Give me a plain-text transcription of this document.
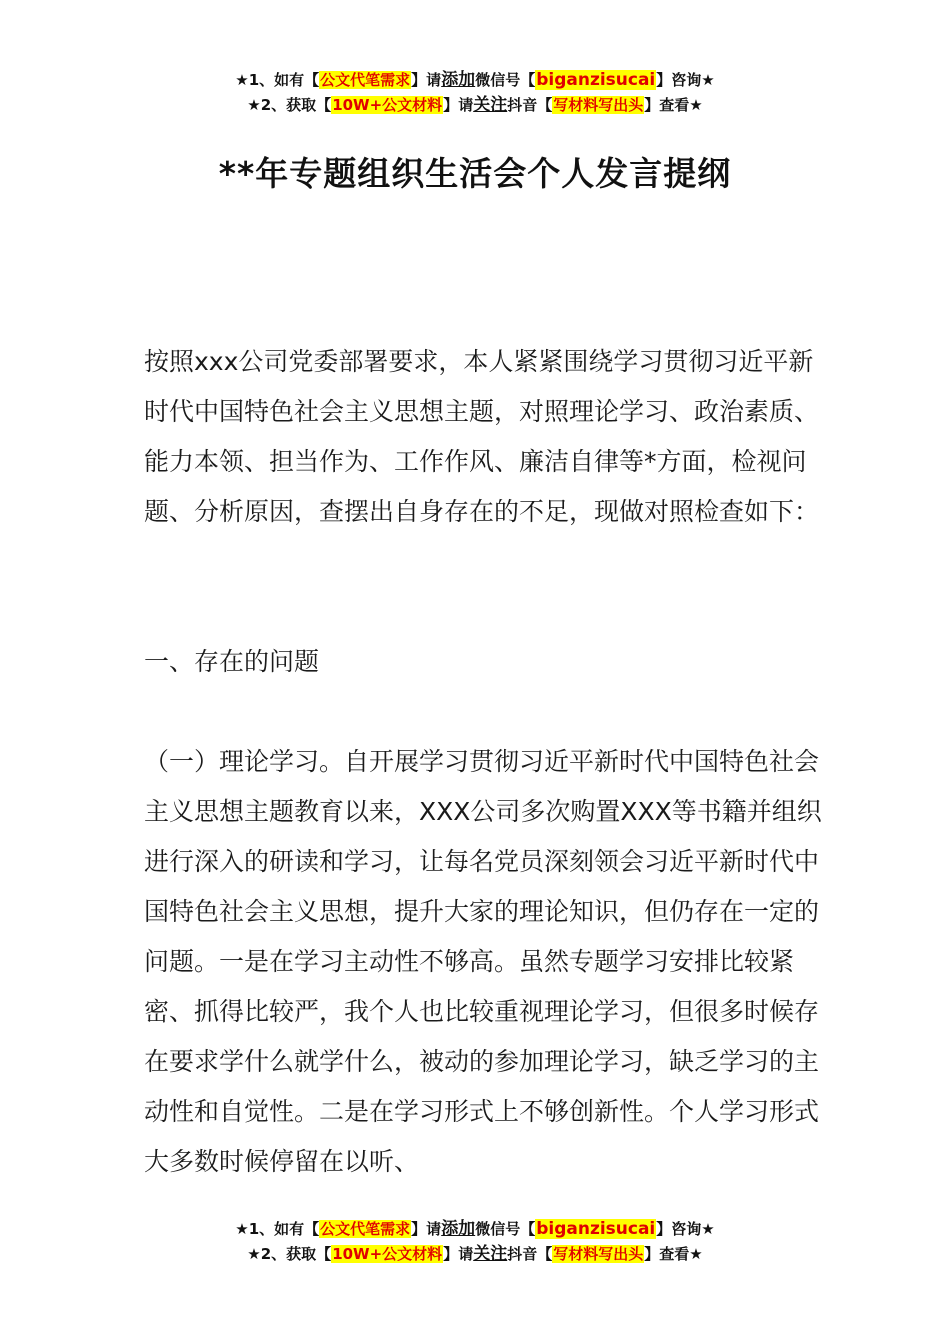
★1、如有【公文代笔需求】请添加微信号【biganzisucai】咨询★
★2、获取【10W+公文材料】请关注抖音【写材料写出头】查看★
**年专题组织生活会个人发言提纲
按照xxx公司党委部署要求，本人紧紧围绕学习贯彻习近平新时代中国特色社会主义思想主题，对照理论学习、政治素质、能力本领、担当作为、工作作风、廉洁自律等*方面，检视问题、分析原因，查摆出自身存在的不足，现做对照检查如下：
一、存在的问题
（一）理论学习。自开展学习贯彻习近平新时代中国特色社会主义思想主题教育以来，XXX公司多次购置XXX等书籍并组织进行深入的研读和学习，让每名党员深刻领会习近平新时代中国特色社会主义思想，提升大家的理论知识，但仍存在一定的问题。一是在学习主动性不够高。虽然专题学习安排比较紧密、抓得比较严，我个人也比较重视理论学习，但很多时候存在要求学什么就学什么，被动的参加理论学习，缺乏学习的主动性和自觉性。二是在学习形式上不够创新性。个人学习形式大多数时候停留在以听、
★1、如有【公文代笔需求】请添加微信号【biganzisucai】咨询★
★2、获取【10W+公文材料】请关注抖音【写材料写出头】查看★
